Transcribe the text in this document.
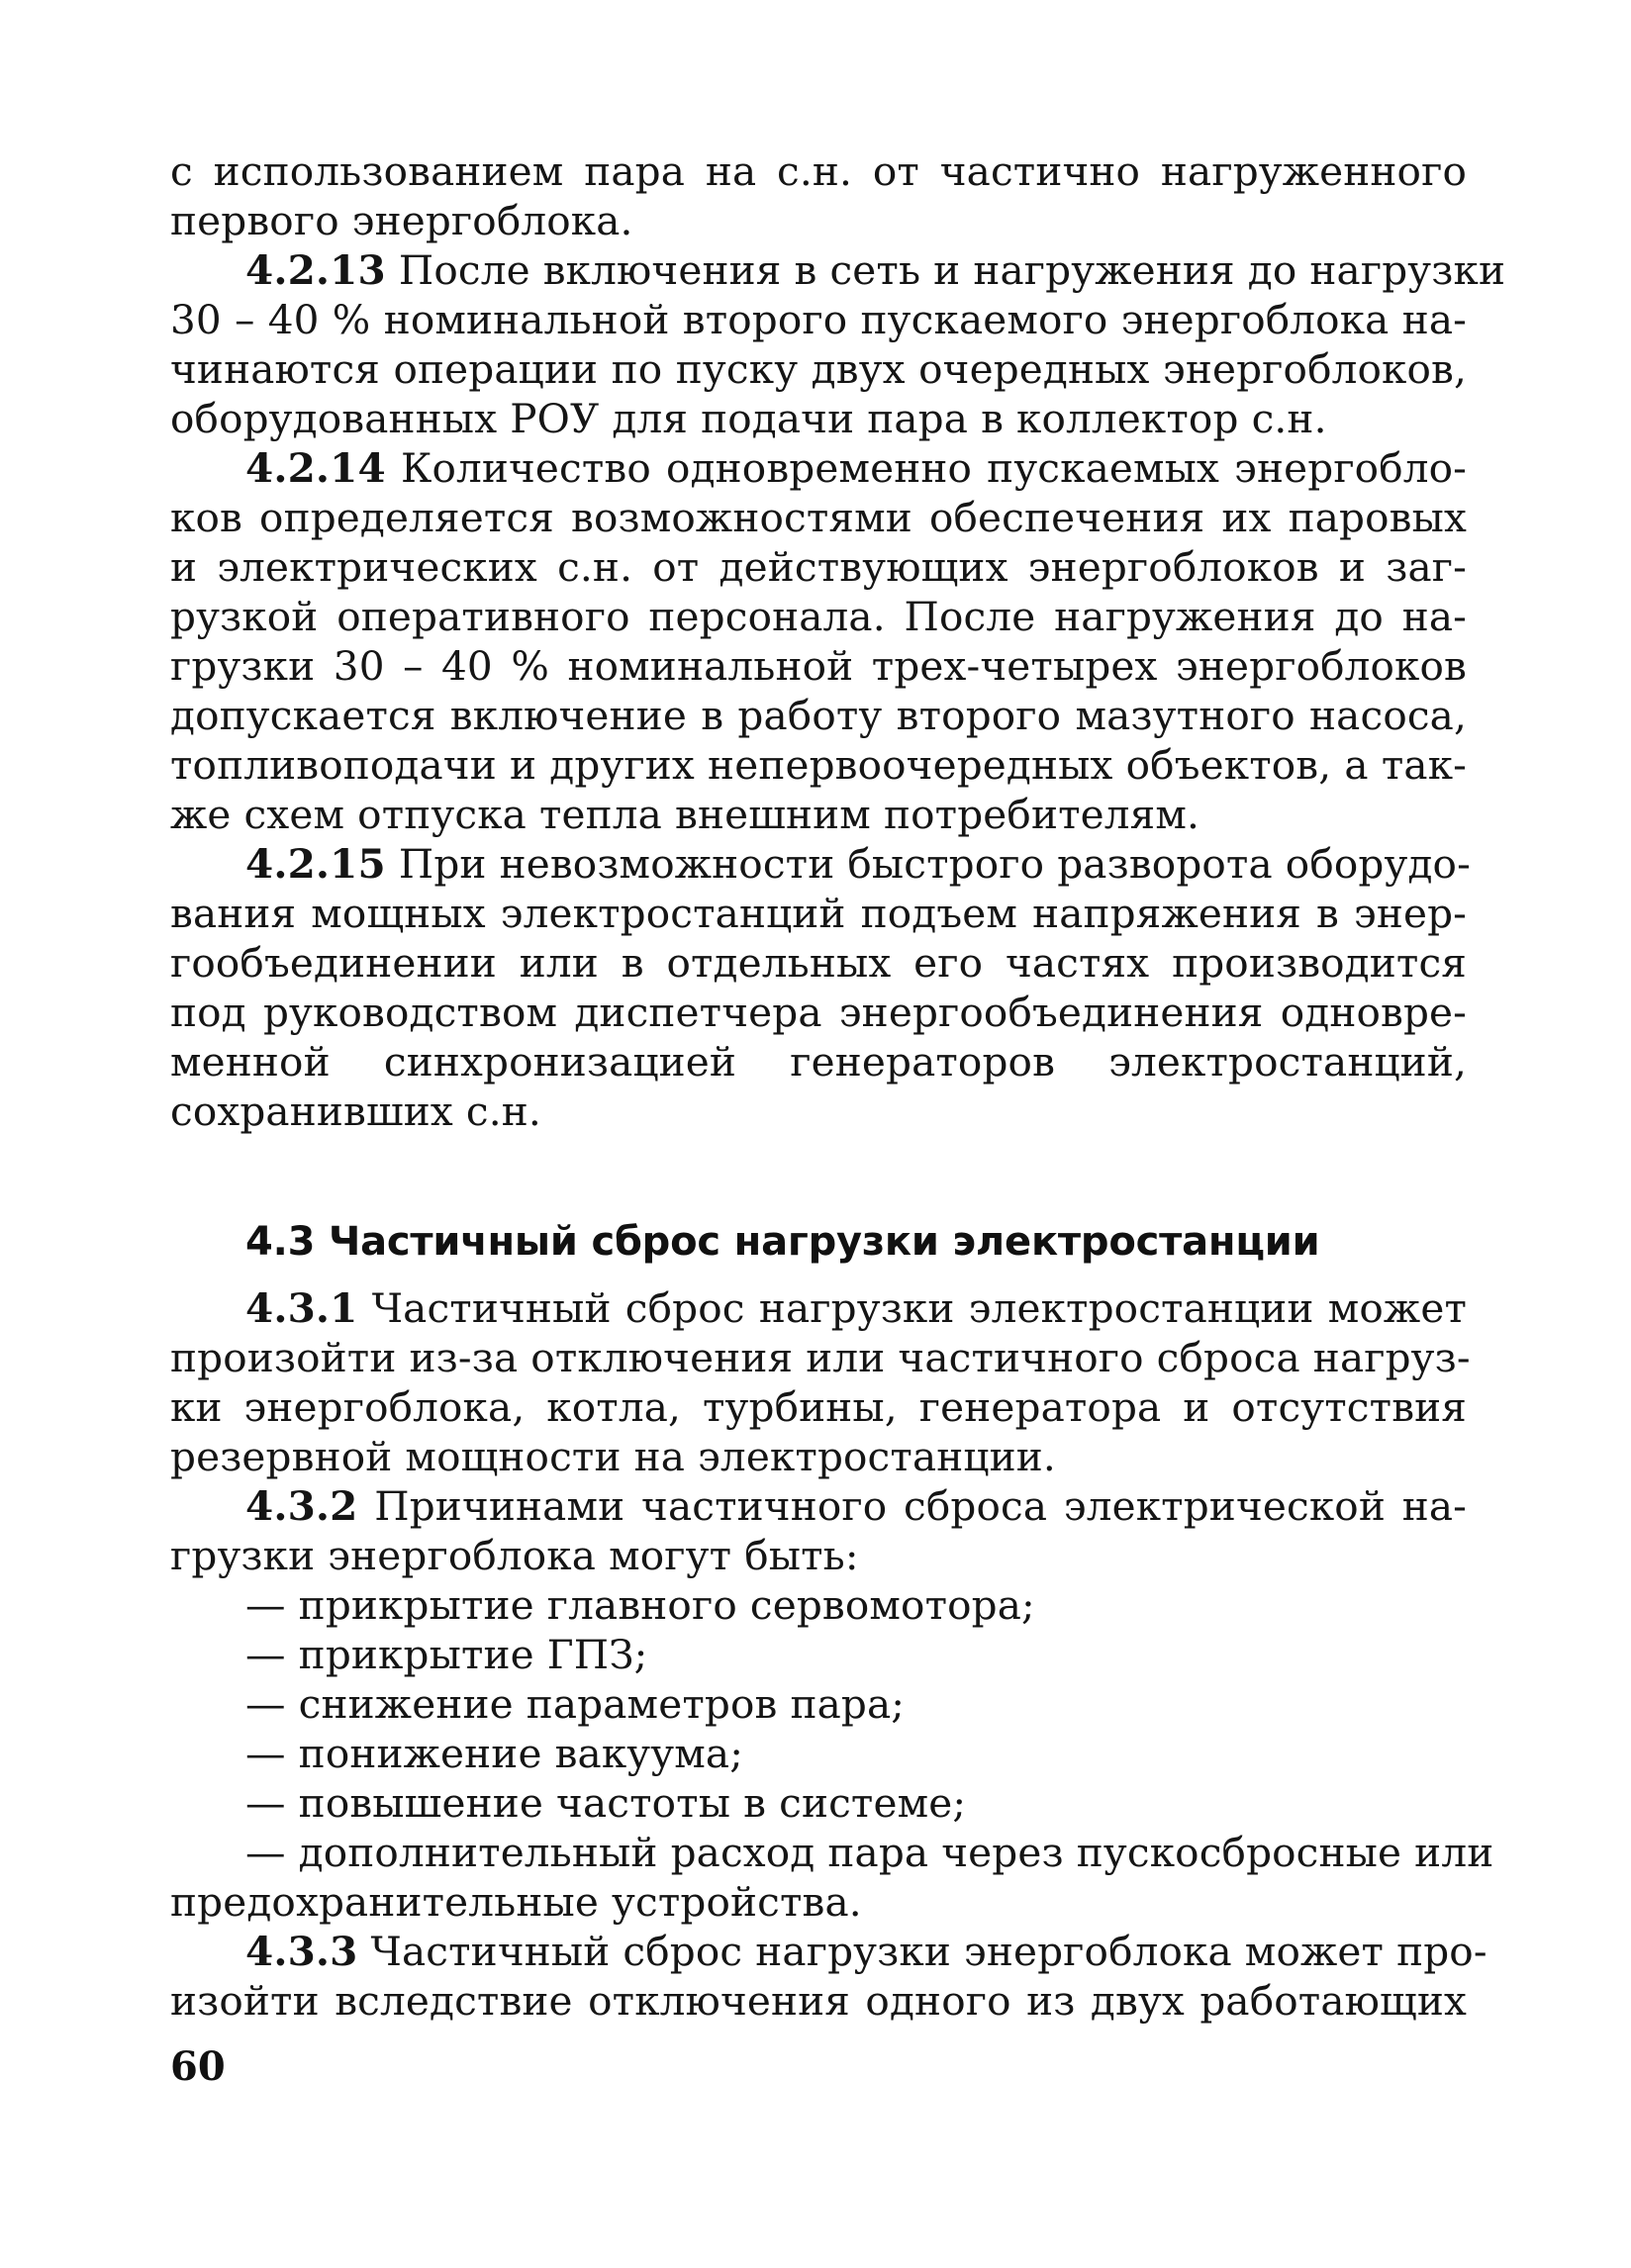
с использованием пара на с.н. от частично нагруженного
первого энергоблока.
4.2.13 После включения в сеть и нагружения до нагрузки
30 – 40 % номинальной второго пускаемого энергоблока на-
чинаются операции по пуску двух очередных энергоблоков,
оборудованных РОУ для подачи пара в коллектор с.н.
4.2.14 Количество одновременно пускаемых энергобло-
ков определяется возможностями обеспечения их паровых
и электрических с.н. от действующих энергоблоков и заг-
рузкой оперативного персонала. После нагружения до на-
грузки 30 – 40 % номинальной трех-четырех энергоблоков
допускается включение в работу второго мазутного насоса,
топливоподачи и других непервоочередных объектов, а так-
же схем отпуска тепла внешним потребителям.
4.2.15 При невозможности быстрого разворота оборудо-
вания мощных электростанций подъем напряжения в энер-
гообъединении или в отдельных его частях производится
под руководством диспетчера энергообъединения одновре-
менной синхронизацией генераторов электростанций,
сохранивших с.н.
4.3 Частичный сброс нагрузки электростанции
4.3.1 Частичный сброс нагрузки электростанции может
произойти из-за отключения или частичного сброса нагруз-
ки энергоблока, котла, турбины, генератора и отсутствия
резервной мощности на электростанции.
4.3.2 Причинами частичного сброса электрической на-
грузки энергоблока могут быть:
— прикрытие главного сервомотора;
— прикрытие ГПЗ;
— снижение параметров пара;
— понижение вакуума;
— повышение частоты в системе;
— дополнительный расход пара через пускосбросные или
предохранительные устройства.
4.3.3 Частичный сброс нагрузки энергоблока может про-
изойти вследствие отключения одного из двух работающих
60
